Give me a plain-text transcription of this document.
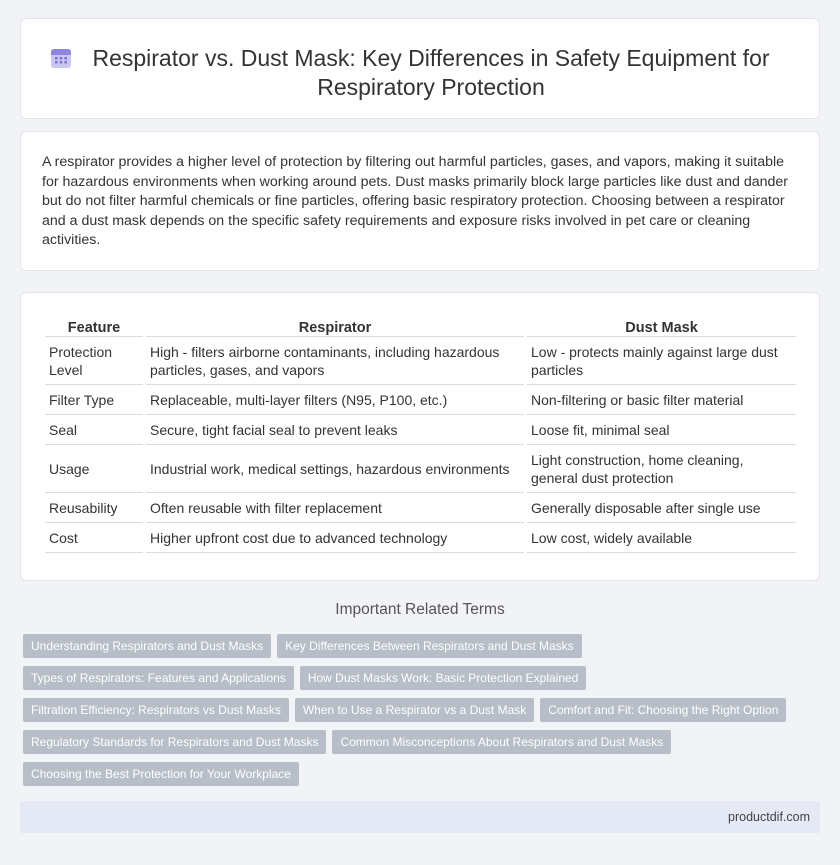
Respirator vs. Dust Mask: Key Differences in Safety Equipment for Respiratory Protection

A respirator provides a higher level of protection by filtering out harmful particles, gases, and vapors, making it suitable for hazardous environments when working around pets. Dust masks primarily block large particles like dust and dander but do not filter harmful chemicals or fine particles, offering basic respiratory protection. Choosing between a respirator and a dust mask depends on the specific safety requirements and exposure risks involved in pet care or cleaning activities.

Feature	Respirator	Dust Mask
Protection Level	High - filters airborne contaminants, including hazardous particles, gases, and vapors	Low - protects mainly against large dust particles
Filter Type	Replaceable, multi-layer filters (N95, P100, etc.)	Non-filtering or basic filter material
Seal	Secure, tight facial seal to prevent leaks	Loose fit, minimal seal
Usage	Industrial work, medical settings, hazardous environments	Light construction, home cleaning, general dust protection
Reusability	Often reusable with filter replacement	Generally disposable after single use
Cost	Higher upfront cost due to advanced technology	Low cost, widely available
Important Related Terms
Understanding Respirators and Dust Masks Key Differences Between Respirators and Dust Masks
Types of Respirators: Features and Applications How Dust Masks Work: Basic Protection Explained
Filtration Efficiency: Respirators vs Dust Masks When to Use a Respirator vs a Dust Mask Comfort and Fit: Choosing the Right Option
Regulatory Standards for Respirators and Dust Masks Common Misconceptions About Respirators and Dust Masks
Choosing the Best Protection for Your Workplace
productdif.com
